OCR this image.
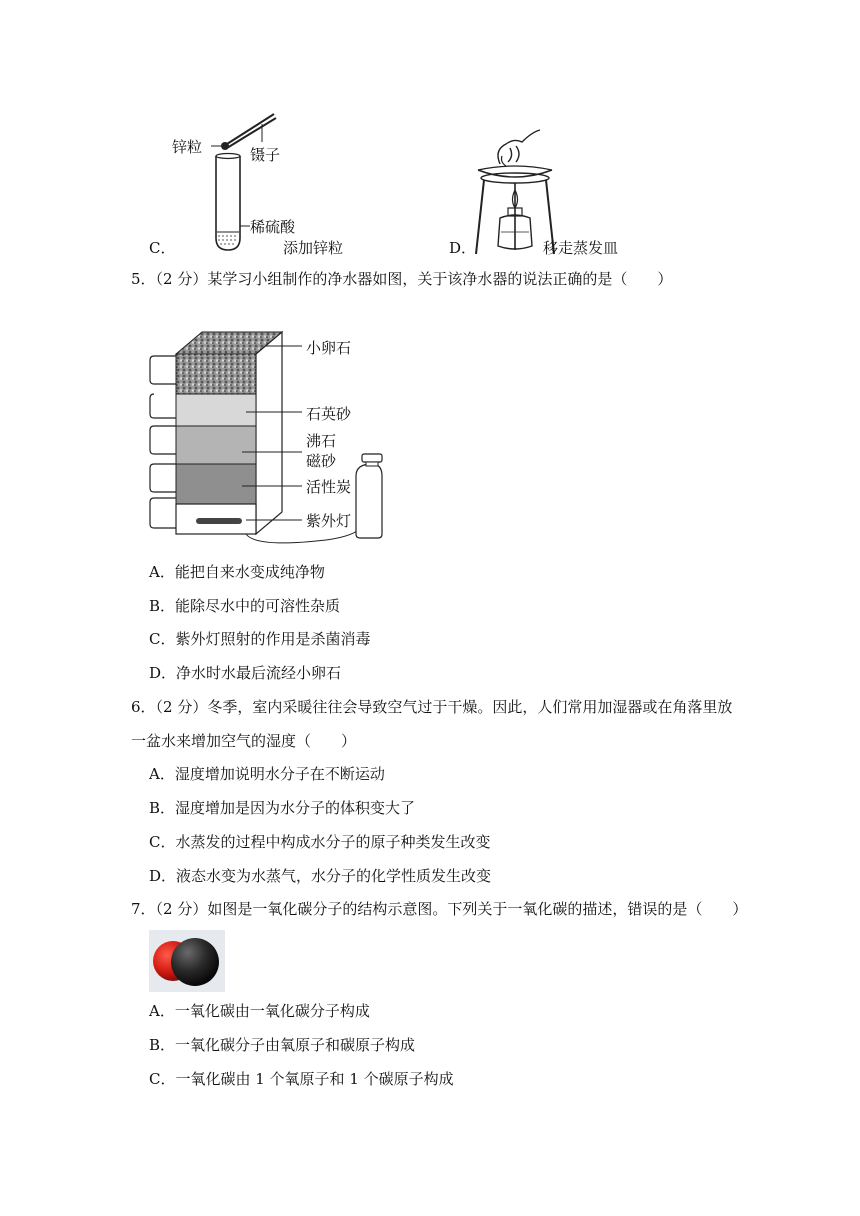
锌粒	镊子
稀硫酸
C．	添加锌粒	D．	移走蒸发皿
5．（2 分）某学习小组制作的净水器如图，关于该净水器的说法正确的是（　　）
小卵石
石英砂
沸石
磁砂
活性炭
紫外灯
A．能把自来水变成纯净物
B．能除尽水中的可溶性杂质
C．紫外灯照射的作用是杀菌消毒
D．净水时水最后流经小卵石
6．（2 分）冬季，室内采暖往往会导致空气过于干燥。因此，人们常用加湿器或在角落里放
一盆水来增加空气的湿度（　　）
A．湿度增加说明水分子在不断运动
B．湿度增加是因为水分子的体积变大了
C．水蒸发的过程中构成水分子的原子种类发生改变
D．液态水变为水蒸气，水分子的化学性质发生改变
7．（2 分）如图是一氧化碳分子的结构示意图。下列关于一氧化碳的描述，错误的是（　　）
A．一氧化碳由一氧化碳分子构成
B．一氧化碳分子由氧原子和碳原子构成
C．一氧化碳由 1 个氧原子和 1 个碳原子构成
